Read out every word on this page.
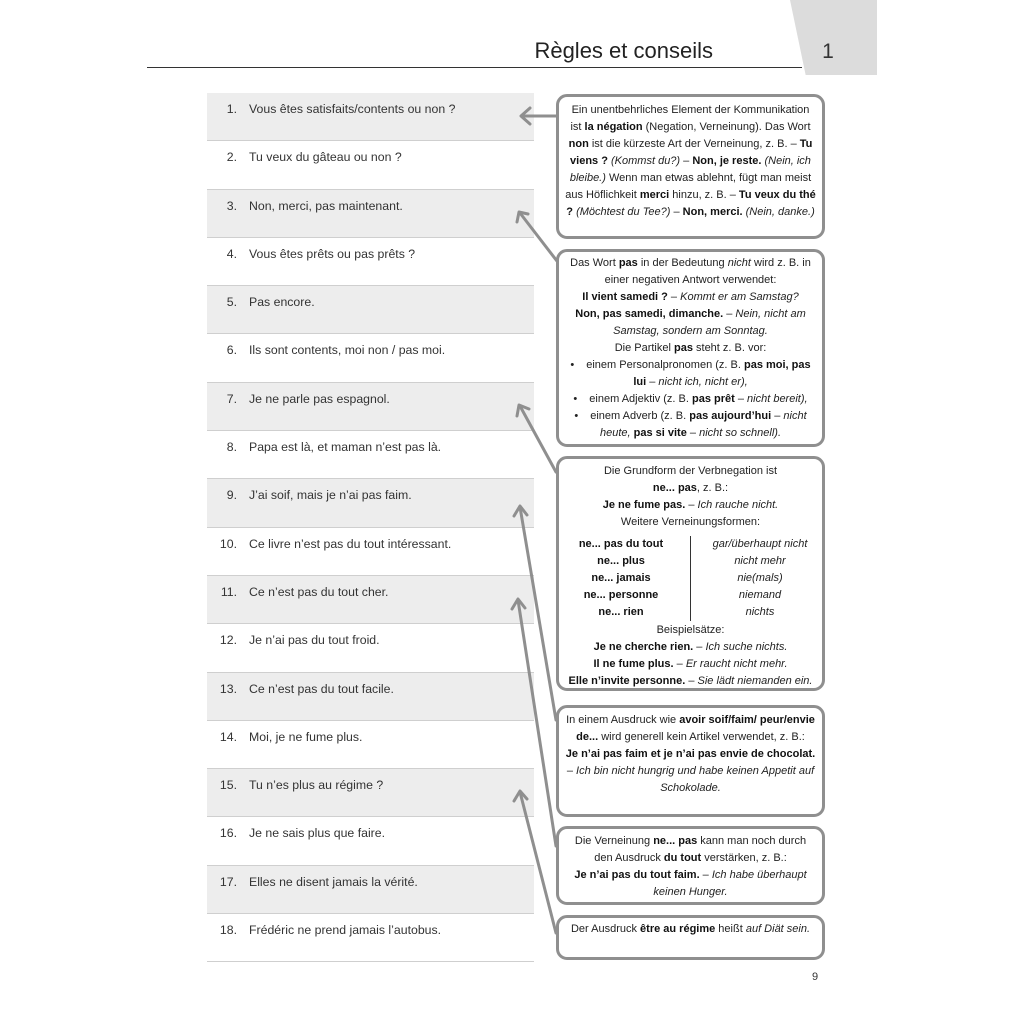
1
Règles et conseils
1. Vous êtes satisfaits/contents ou non ?
2. Tu veux du gâteau ou non ?
3. Non, merci, pas maintenant.
4. Vous êtes prêts ou pas prêts ?
5. Pas encore.
6. Ils sont contents, moi non / pas moi.
7. Je ne parle pas espagnol.
8. Papa est là, et maman n’est pas là.
9. J’ai soif, mais je n’ai pas faim.
10. Ce livre n’est pas du tout intéressant.
11. Ce n’est pas du tout cher.
12. Je n’ai pas du tout froid.
13. Ce n’est pas du tout facile.
14. Moi, je ne fume plus.
15. Tu n’es plus au régime ?
16. Je ne sais plus que faire.
17. Elles ne disent jamais la vérité.
18. Frédéric ne prend jamais l’autobus.
Ein unentbehrliches Element der Kommunikation ist la négation (Negation, Verneinung). Das Wort non ist die kürzeste Art der Verneinung, z. B. – Tu viens ? (Kommst du?) – Non, je reste. (Nein, ich bleibe.) Wenn man etwas ablehnt, fügt man meist aus Höflichkeit merci hinzu, z. B. – Tu veux du thé ? (Möchtest du Tee?) – Non, merci. (Nein, danke.)
Das Wort pas in der Bedeutung nicht wird z. B. in einer negativen Antwort verwendet:
Il vient samedi ? – Kommt er am Samstag?
Non, pas samedi, dimanche. – Nein, nicht am Samstag, sondern am Sonntag.
Die Partikel pas steht z. B. vor:
• einem Personalpronomen (z. B. pas moi, pas lui – nicht ich, nicht er),
• einem Adjektiv (z. B. pas prêt – nicht bereit),
• einem Adverb (z. B. pas aujourd’hui – nicht heute, pas si vite – nicht so schnell).
Die Grundform der Verbnegation ist
ne... pas, z. B.:
Je ne fume pas. – Ich rauche nicht.
Weitere Verneinungsformen:
ne... pas du tout
ne... plus
ne... jamais
ne... personne
ne... rien
gar/überhaupt nicht
nicht mehr
nie(mals)
niemand
nichts
Beispielsätze:
Je ne cherche rien. – Ich suche nichts.
Il ne fume plus. – Er raucht nicht mehr.
Elle n’invite personne. – Sie lädt niemanden ein.
In einem Ausdruck wie avoir soif/faim/ peur/envie de... wird generell kein Artikel verwendet, z. B.:
Je n’ai pas faim et je n’ai pas envie de chocolat. – Ich bin nicht hungrig und habe keinen Appetit auf Schokolade.
Die Verneinung ne... pas kann man noch durch den Ausdruck du tout verstärken, z. B.:
Je n’ai pas du tout faim. – Ich habe überhaupt keinen Hunger.
Der Ausdruck être au régime heißt auf Diät sein.
9
